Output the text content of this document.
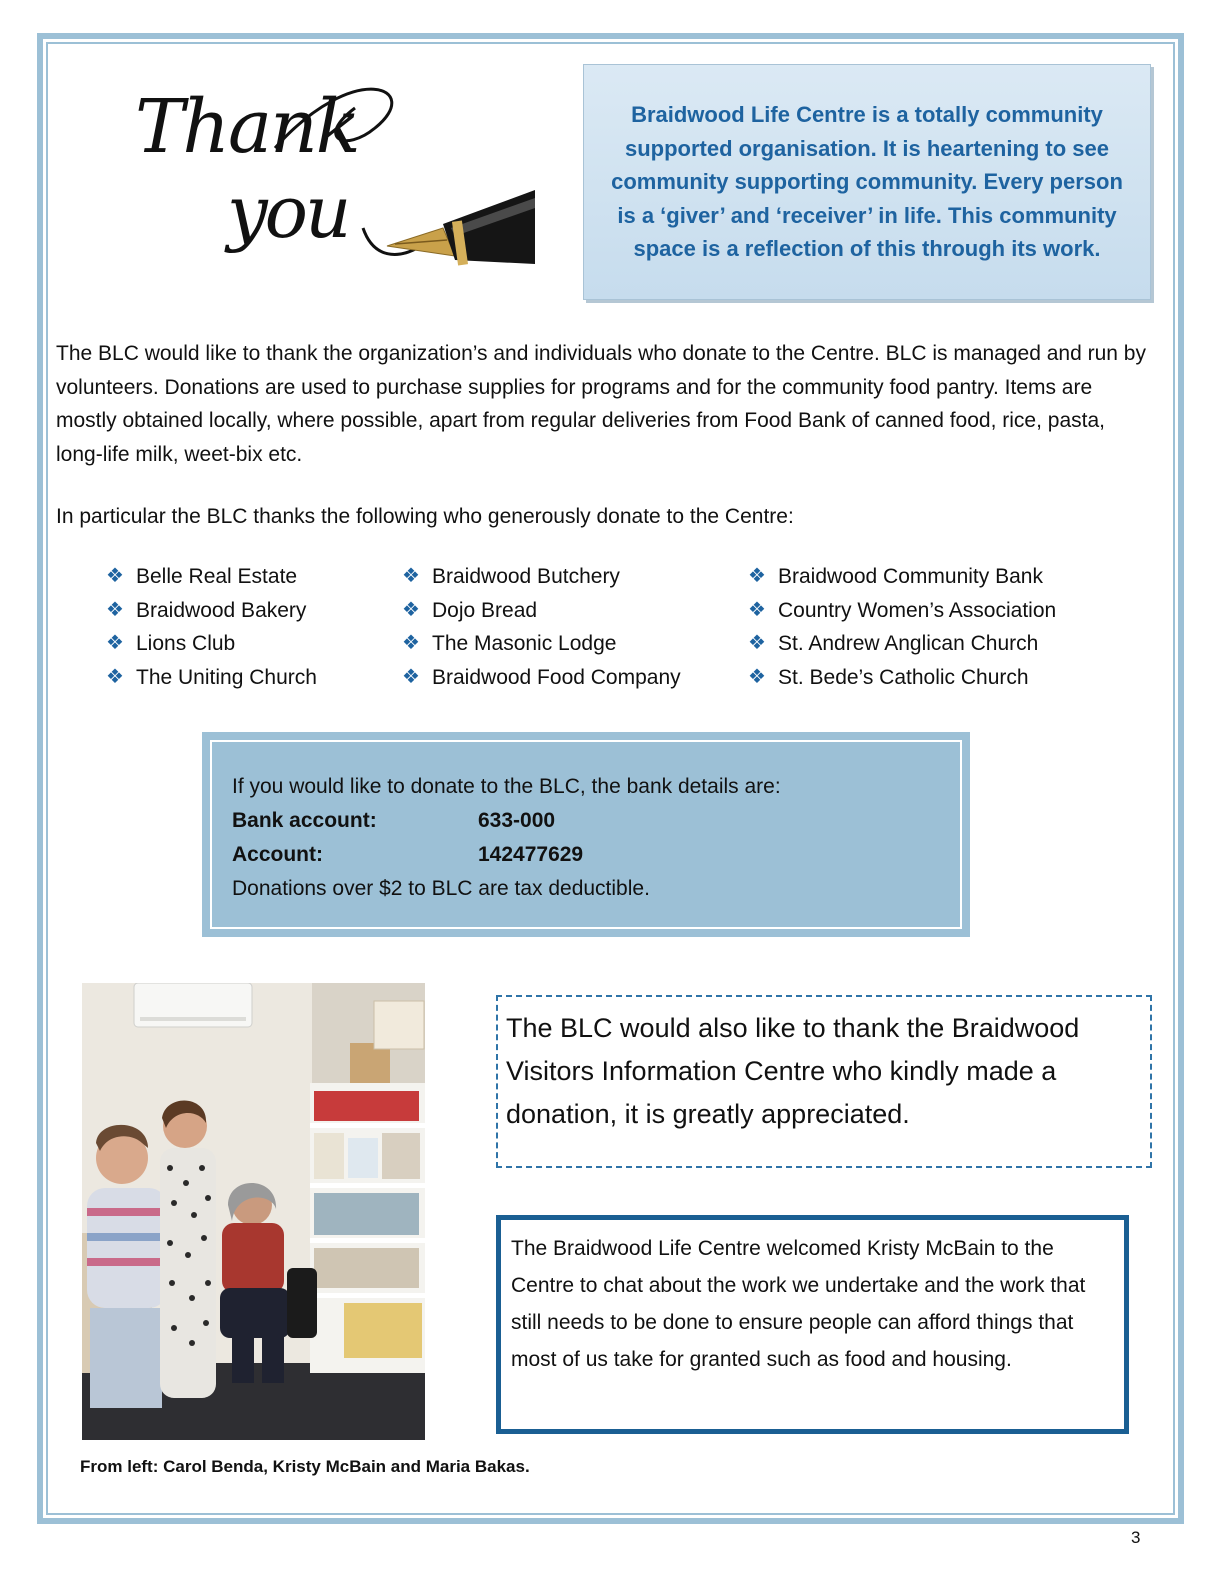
Thank
you

Braidwood Life Centre is a totally community supported organisation. It is heartening to see community supporting community. Every person is a ‘giver’ and ‘receiver’ in life. This community space is a reflection of this through its work.

The BLC would like to thank the organization’s and individuals who donate to the Centre. BLC is managed and run by volunteers. Donations are used to purchase supplies for programs and for the community food pantry. Items are mostly obtained locally, where possible, apart from regular deliveries from Food Bank of canned food, rice, pasta, long-life milk, weet-bix etc.

In particular the BLC thanks the following who generously donate to the Centre:

❖ Belle Real Estate
❖ Braidwood Bakery
❖ Lions Club
❖ The Uniting Church
❖ Braidwood Butchery
❖ Dojo Bread
❖ The Masonic Lodge
❖ Braidwood Food Company
❖ Braidwood Community Bank
❖ Country Women’s Association
❖ St. Andrew Anglican Church
❖ St. Bede’s Catholic Church
If you would like to donate to the BLC, the bank details are:
Bank account:	633-000
Account:	142477629
Donations over $2 to BLC are tax deductible.
From left: Carol Benda, Kristy McBain and Maria Bakas.

The BLC would also like to thank the Braidwood Visitors Information Centre who kindly made a donation, it is greatly appreciated.

The Braidwood Life Centre welcomed Kristy McBain to the Centre to chat about the work we undertake and the work that still needs to be done to ensure people can afford things that most of us take for granted such as food and housing.

3
